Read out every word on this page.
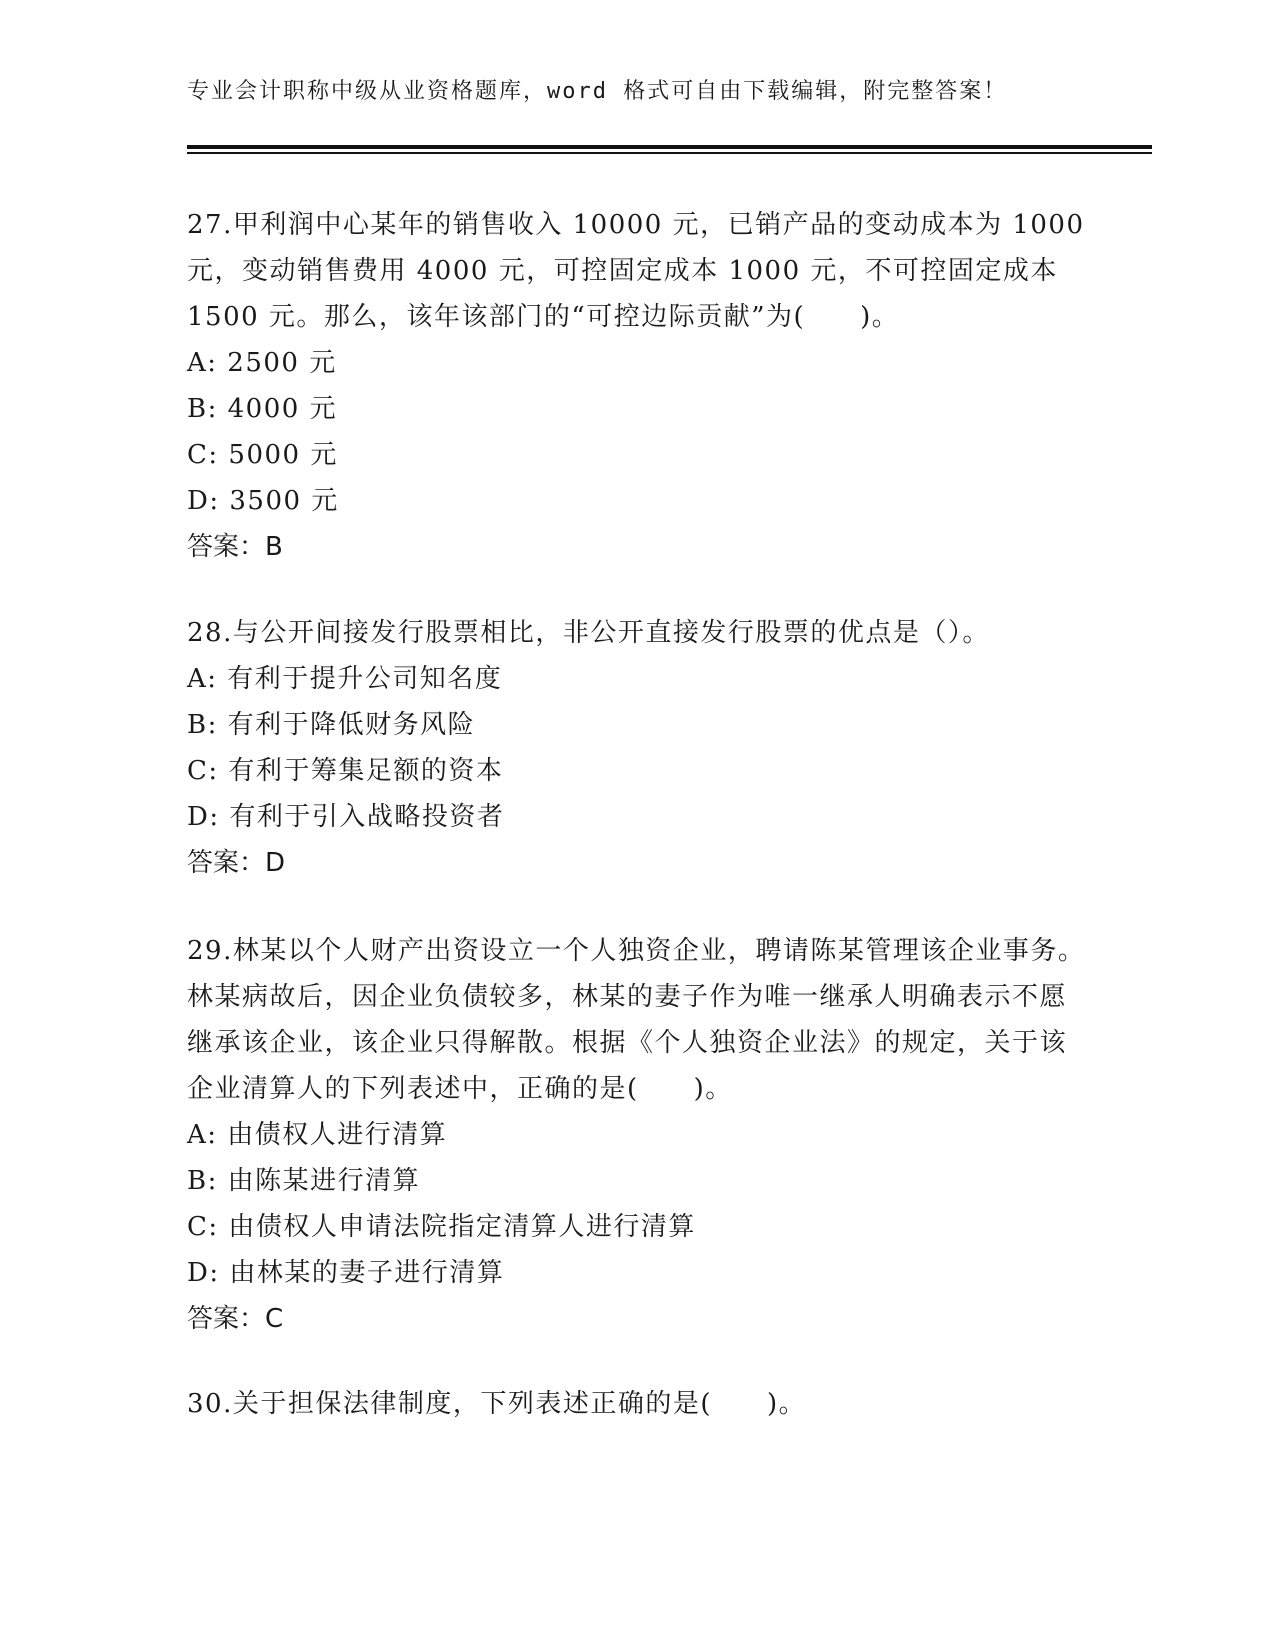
专业会计职称中级从业资格题库，word 格式可自由下载编辑，附完整答案！

27.甲利润中心某年的销售收入 10000 元，已销产品的变动成本为 1000 元，变动销售费用 4000 元，可控固定成本 1000 元，不可控固定成本 1500 元。那么，该年该部门的“可控边际贡献”为(　　)。

A: 2500 元

B: 4000 元

C: 5000 元

D: 3500 元

答案：B

28.与公开间接发行股票相比，非公开直接发行股票的优点是（）。

A: 有利于提升公司知名度

B: 有利于降低财务风险

C: 有利于筹集足额的资本

D: 有利于引入战略投资者

答案：D

29.林某以个人财产出资设立一个人独资企业，聘请陈某管理该企业事务。林某病故后，因企业负债较多，林某的妻子作为唯一继承人明确表示不愿继承该企业，该企业只得解散。根据《个人独资企业法》的规定，关于该企业清算人的下列表述中，正确的是(　　)。

A: 由债权人进行清算

B: 由陈某进行清算

C: 由债权人申请法院指定清算人进行清算

D: 由林某的妻子进行清算

答案：C

30.关于担保法律制度，下列表述正确的是(　　)。
